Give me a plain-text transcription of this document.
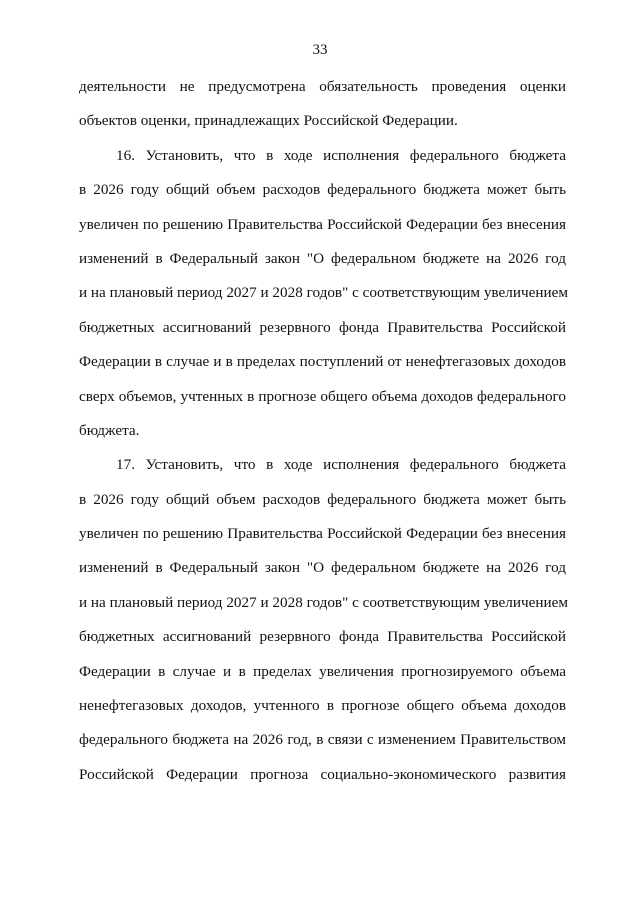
33
деятельности не предусмотрена обязательность проведения оценки
объектов оценки, принадлежащих Российской Федерации.
16. Установить, что в ходе исполнения федерального бюджета
в 2026 году общий объем расходов федерального бюджета может быть
увеличен по решению Правительства Российской Федерации без внесения
изменений в Федеральный закон "О федеральном бюджете на 2026 год
и на плановый период 2027 и 2028 годов" с соответствующим увеличением
бюджетных ассигнований резервного фонда Правительства Российской
Федерации в случае и в пределах поступлений от ненефтегазовых доходов
сверх объемов, учтенных в прогнозе общего объема доходов федерального
бюджета.
17. Установить, что в ходе исполнения федерального бюджета
в 2026 году общий объем расходов федерального бюджета может быть
увеличен по решению Правительства Российской Федерации без внесения
изменений в Федеральный закон "О федеральном бюджете на 2026 год
и на плановый период 2027 и 2028 годов" с соответствующим увеличением
бюджетных ассигнований резервного фонда Правительства Российской
Федерации в случае и в пределах увеличения прогнозируемого объема
ненефтегазовых доходов, учтенного в прогнозе общего объема доходов
федерального бюджета на 2026 год, в связи с изменением Правительством
Российской Федерации прогноза социально-экономического развития
